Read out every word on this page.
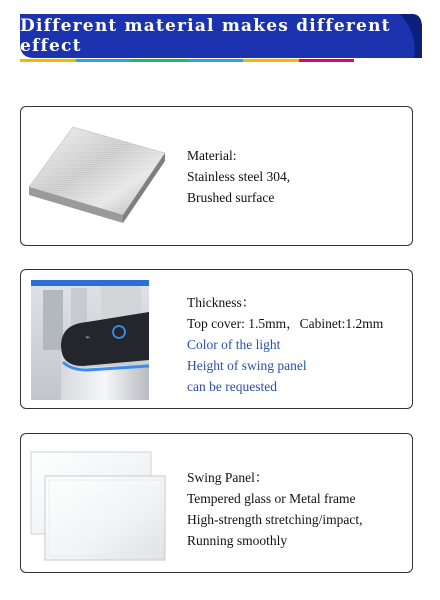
Different material makes different effect
Material:
Stainless steel 304,
Brushed surface
⌁
Thickness：
Top cover: 1.5mm，Cabinet:1.2mm
Color of the light
Height of swing panel
can be requested
Swing Panel：
Tempered glass or Metal frame
High-strength stretching/impact,
Running smoothly
